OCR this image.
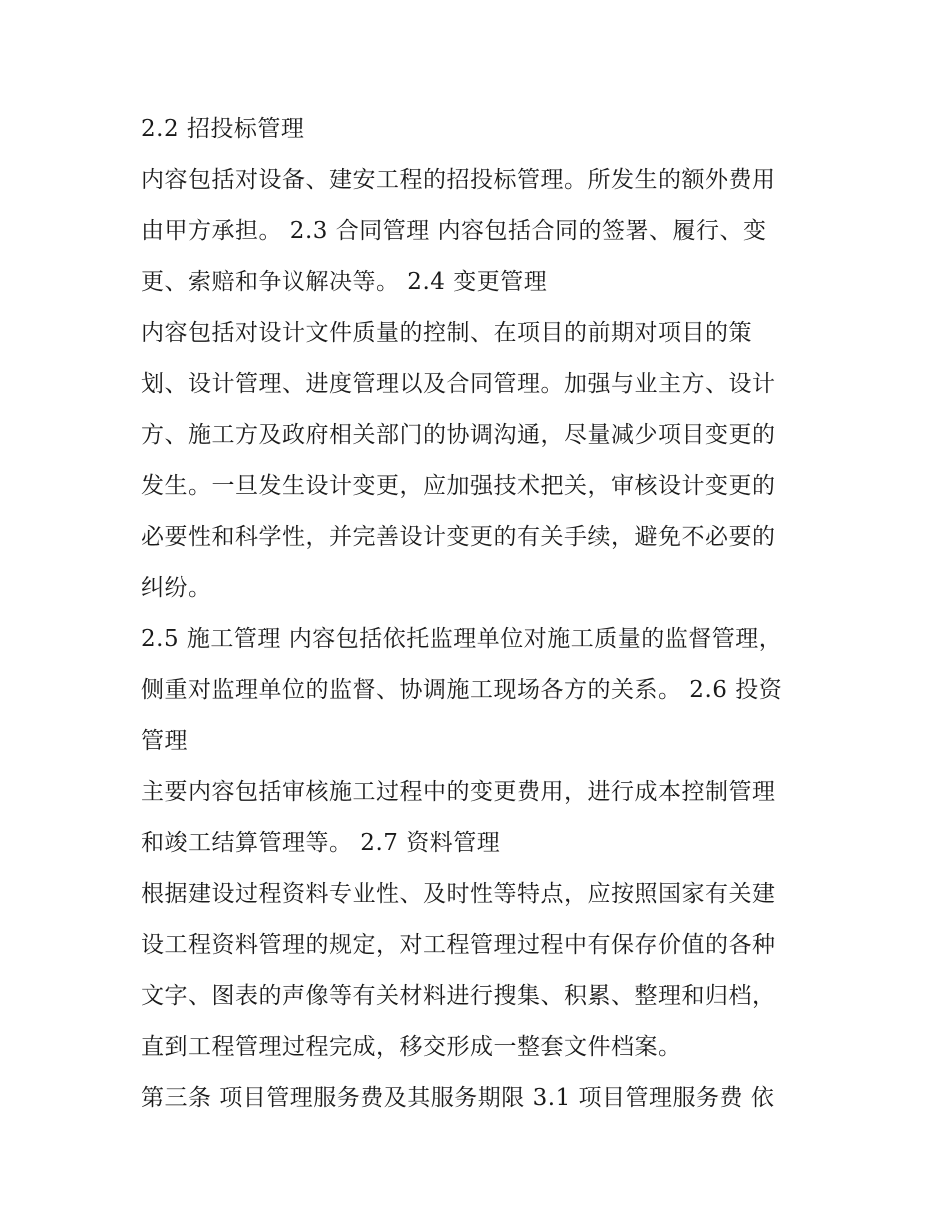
2.2 招投标管理
内容包括对设备、建安工程的招投标管理。所发生的额外费用
由甲方承担。 2.3 合同管理 内容包括合同的签署、履行、变
更、索赔和争议解决等。 2.4 变更管理
内容包括对设计文件质量的控制、在项目的前期对项目的策
划、设计管理、进度管理以及合同管理。加强与业主方、设计
方、施工方及政府相关部门的协调沟通，尽量减少项目变更的
发生。一旦发生设计变更，应加强技术把关，审核设计变更的
必要性和科学性，并完善设计变更的有关手续，避免不必要的
纠纷。
2.5 施工管理 内容包括依托监理单位对施工质量的监督管理，
侧重对监理单位的监督、协调施工现场各方的关系。 2.6 投资
管理
主要内容包括审核施工过程中的变更费用，进行成本控制管理
和竣工结算管理等。 2.7 资料管理
根据建设过程资料专业性、及时性等特点，应按照国家有关建
设工程资料管理的规定，对工程管理过程中有保存价值的各种
文字、图表的声像等有关材料进行搜集、积累、整理和归档，
直到工程管理过程完成，移交形成一整套文件档案。
第三条 项目管理服务费及其服务期限 3.1 项目管理服务费 依
